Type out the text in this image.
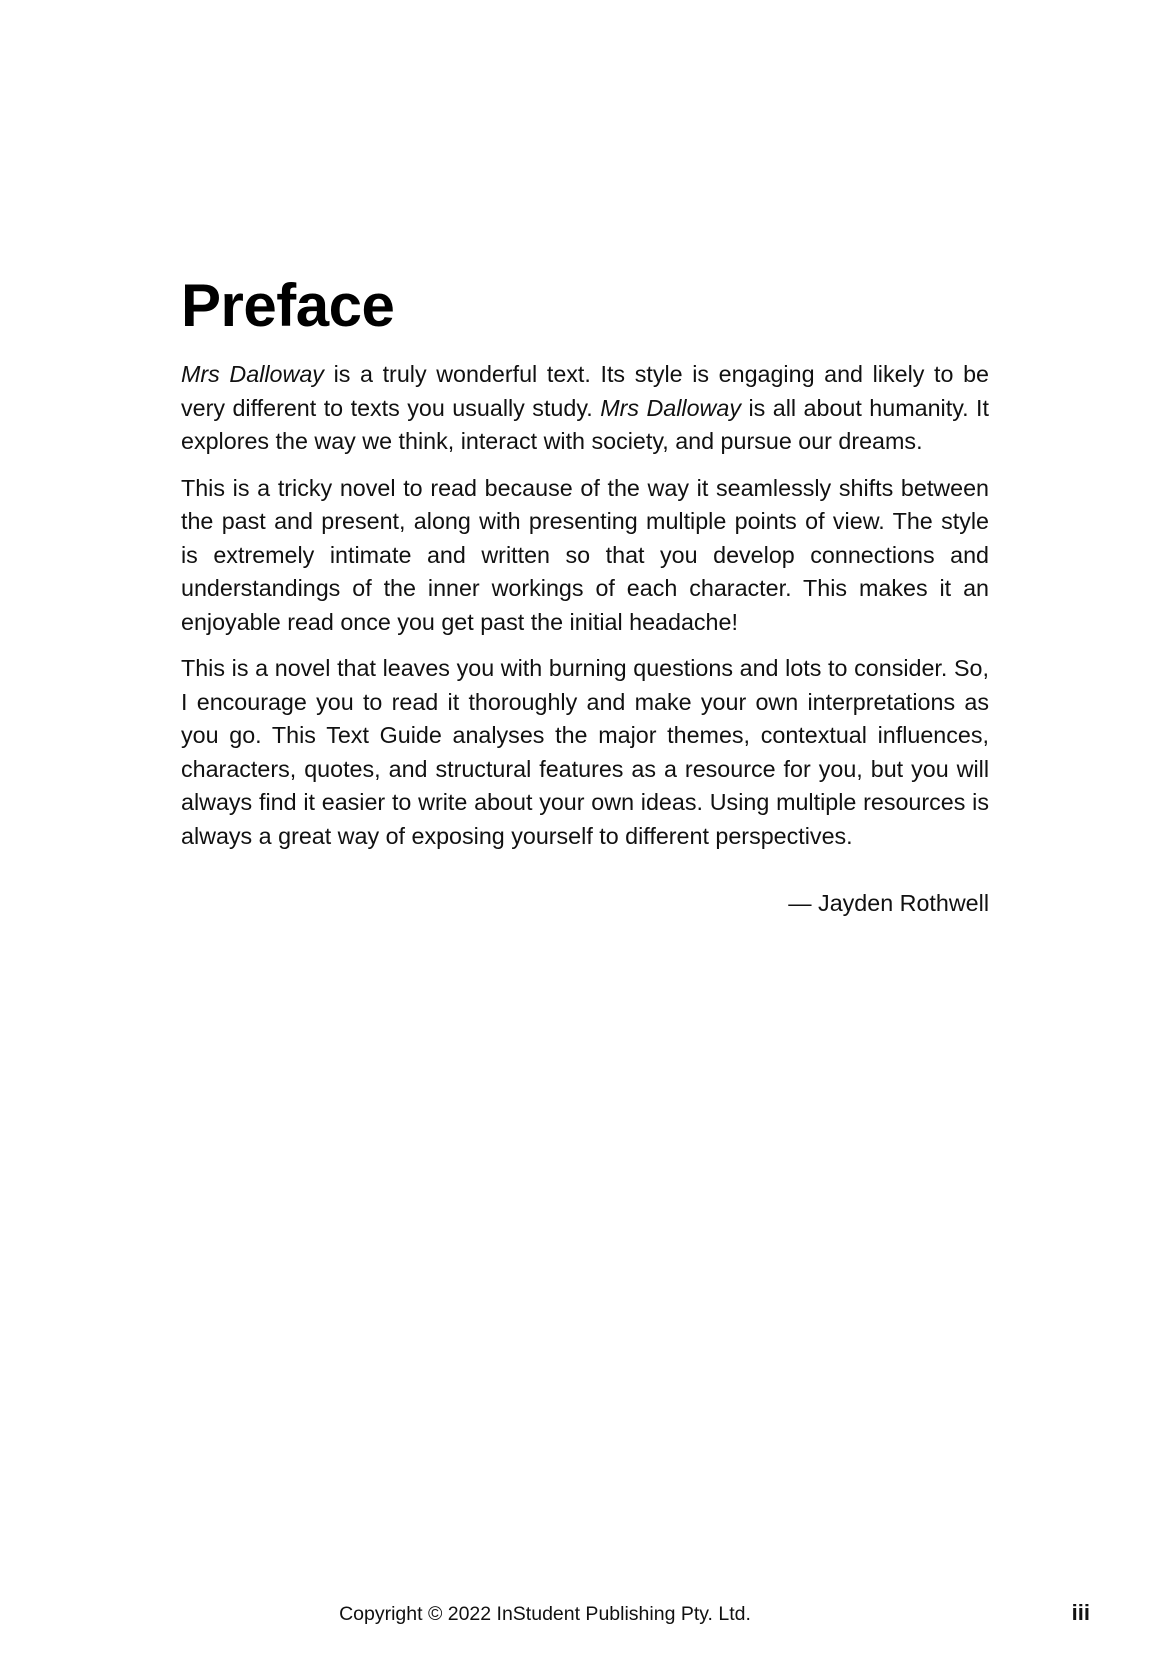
Preface

Mrs Dalloway is a truly wonderful text. Its style is engaging and likely to be very different to texts you usually study. Mrs Dalloway is all about humanity. It explores the way we think, interact with society, and pursue our dreams.

This is a tricky novel to read because of the way it seamlessly shifts between the past and present, along with presenting multiple points of view. The style is extremely intimate and written so that you develop connections and understandings of the inner workings of each character. This makes it an enjoyable read once you get past the initial headache!

This is a novel that leaves you with burning questions and lots to consider. So, I encourage you to read it thoroughly and make your own interpretations as you go. This Text Guide analyses the major themes, contextual influences, characters, quotes, and structural features as a resource for you, but you will always find it easier to write about your own ideas. Using multiple resources is always a great way of exposing yourself to different perspectives.

— Jayden Rothwell
Copyright © 2022 InStudent Publishing Pty. Ltd.	iii
